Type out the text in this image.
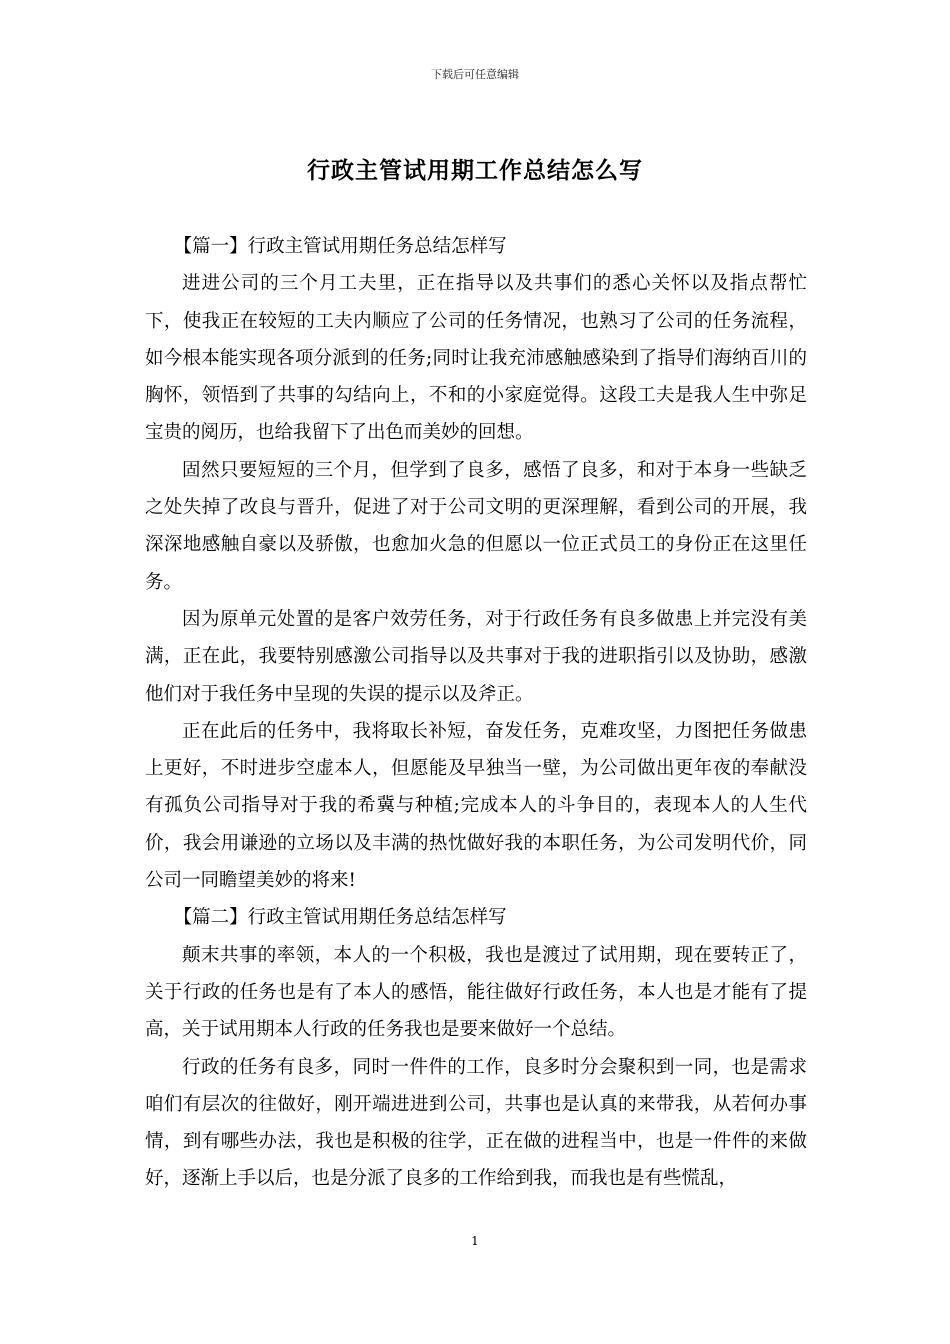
下载后可任意编辑
行政主管试用期工作总结怎么写

【篇一】行政主管试用期任务总结怎样写

进进公司的三个月工夫里，正在指导以及共事们的悉心关怀以及指点帮忙下，使我正在较短的工夫内顺应了公司的任务情况，也熟习了公司的任务流程，如今根本能实现各项分派到的任务;同时让我充沛感触感染到了指导们海纳百川的胸怀，领悟到了共事的勾结向上，不和的小家庭觉得。这段工夫是我人生中弥足宝贵的阅历，也给我留下了出色而美妙的回想。

固然只要短短的三个月，但学到了良多，感悟了良多，和对于本身一些缺乏之处失掉了改良与晋升，促进了对于公司文明的更深理解，看到公司的开展，我深深地感触自豪以及骄傲，也愈加火急的但愿以一位正式员工的身份正在这里任务。

因为原单元处置的是客户效劳任务，对于行政任务有良多做患上并完没有美满，正在此，我要特别感激公司指导以及共事对于我的进职指引以及协助，感激他们对于我任务中呈现的失误的提示以及斧正。

正在此后的任务中，我将取长补短，奋发任务，克难攻坚，力图把任务做患上更好，不时进步空虚本人，但愿能及早独当一壁，为公司做出更年夜的奉献没有孤负公司指导对于我的希冀与种植;完成本人的斗争目的，表现本人的人生代价，我会用谦逊的立场以及丰满的热忱做好我的本职任务，为公司发明代价，同公司一同瞻望美妙的将来!

【篇二】行政主管试用期任务总结怎样写

颠末共事的率领，本人的一个积极，我也是渡过了试用期，现在要转正了，关于行政的任务也是有了本人的感悟，能往做好行政任务，本人也是才能有了提高，关于试用期本人行政的任务我也是要来做好一个总结。

行政的任务有良多，同时一件件的工作，良多时分会聚积到一同，也是需求咱们有层次的往做好，刚开端进进到公司，共事也是认真的来带我，从若何办事情，到有哪些办法，我也是积极的往学，正在做的进程当中，也是一件件的来做好，逐渐上手以后，也是分派了良多的工作给到我，而我也是有些慌乱，

1
